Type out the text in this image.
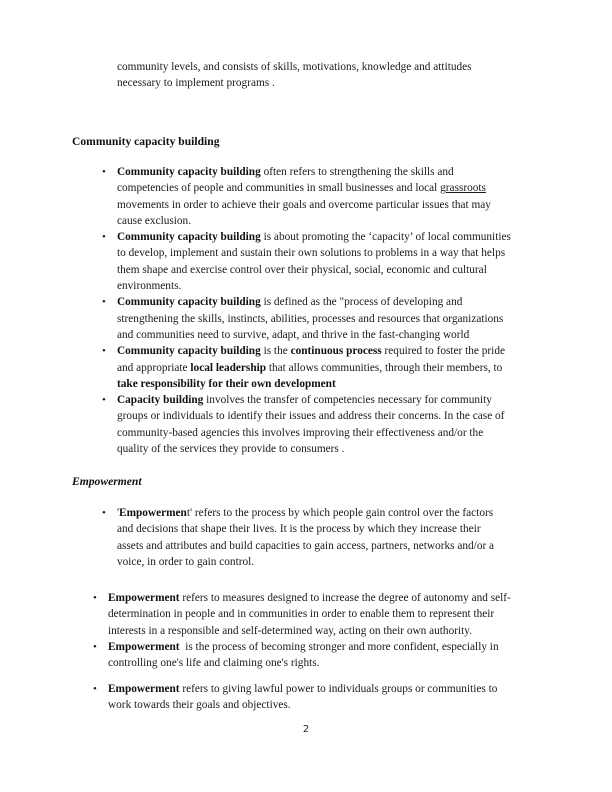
community levels, and consists of skills, motivations, knowledge and attitudes
necessary to implement programs .

Community capacity building
• Community capacity building often refers to strengthening the skills and
competencies of people and communities in small businesses and local grassroots
movements in order to achieve their goals and overcome particular issues that may
cause exclusion.
• Community capacity building is about promoting the ‘capacity’ of local communities
to develop, implement and sustain their own solutions to problems in a way that helps
them shape and exercise control over their physical, social, economic and cultural
environments.
• Community capacity building is defined as the "process of developing and
strengthening the skills, instincts, abilities, processes and resources that organizations
and communities need to survive, adapt, and thrive in the fast-changing world
• Community capacity building is the continuous process required to foster the pride
and appropriate local leadership that allows communities, through their members, to
take responsibility for their own development
• Capacity building involves the transfer of competencies necessary for community
groups or individuals to identify their issues and address their concerns. In the case of
community-based agencies this involves improving their effectiveness and/or the
quality of the services they provide to consumers .
Empowerment
• 'Empowerment' refers to the process by which people gain control over the factors
and decisions that shape their lives. It is the process by which they increase their
assets and attributes and build capacities to gain access, partners, networks and/or a
voice, in order to gain control.
• Empowerment refers to measures designed to increase the degree of autonomy and self-
determination in people and in communities in order to enable them to represent their
interests in a responsible and self-determined way, acting on their own authority.
• Empowerment  is the process of becoming stronger and more confident, especially in
controlling one's life and claiming one's rights.
• Empowerment refers to giving lawful power to individuals groups or communities to
work towards their goals and objectives.
2
